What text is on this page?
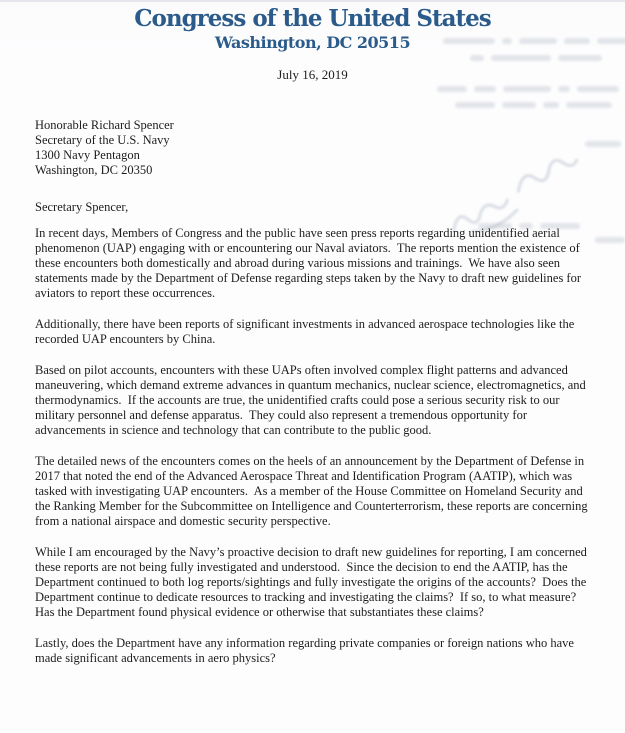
Congress of the United States
Washington, DC 20515
July 16, 2019
Honorable Richard Spencer
Secretary of the U.S. Navy
1300 Navy Pentagon
Washington, DC 20350

Secretary Spencer,

In recent days, Members of Congress and the public have seen press reports regarding unidentified aerial phenomenon (UAP) engaging with or encountering our Naval aviators.  The reports mention the existence of these encounters both domestically and abroad during various missions and trainings.  We have also seen statements made by the Department of Defense regarding steps taken by the Navy to draft new guidelines for aviators to report these occurrences.

Additionally, there have been reports of significant investments in advanced aerospace technologies like the recorded UAP encounters by China.

Based on pilot accounts, encounters with these UAPs often involved complex flight patterns and advanced maneuvering, which demand extreme advances in quantum mechanics, nuclear science, electromagnetics, and thermodynamics.  If the accounts are true, the unidentified crafts could pose a serious security risk to our military personnel and defense apparatus.  They could also represent a tremendous opportunity for advancements in science and technology that can contribute to the public good.

The detailed news of the encounters comes on the heels of an announcement by the Department of Defense in 2017 that noted the end of the Advanced Aerospace Threat and Identification Program (AATIP), which was tasked with investigating UAP encounters.  As a member of the House Committee on Homeland Security and the Ranking Member for the Subcommittee on Intelligence and Counterterrorism, these reports are concerning from a national airspace and domestic security perspective.

While I am encouraged by the Navy’s proactive decision to draft new guidelines for reporting, I am concerned these reports are not being fully investigated and understood.  Since the decision to end the AATIP, has the Department continued to both log reports/sightings and fully investigate the origins of the accounts?  Does the Department continue to dedicate resources to tracking and investigating the claims?  If so, to what measure?  Has the Department found physical evidence or otherwise that substantiates these claims?

Lastly, does the Department have any information regarding private companies or foreign nations who have made significant advancements in aero physics?
